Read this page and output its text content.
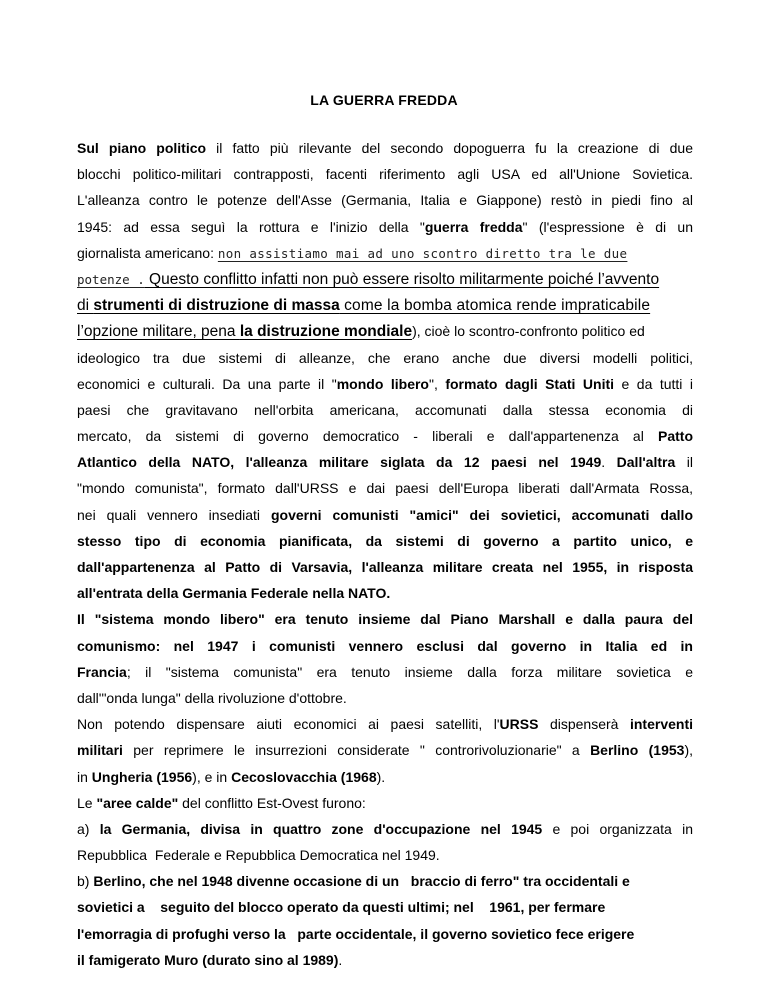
LA GUERRA FREDDA
Sul piano politico il fatto più rilevante del secondo dopoguerra fu la creazione di due
blocchi politico-militari contrapposti, facenti riferimento agli USA ed all'Unione Sovietica.
L'alleanza contro le potenze dell'Asse (Germania, Italia e Giappone) restò in piedi fino al
1945: ad essa seguì la rottura e l'inizio della "guerra fredda" (l'espressione è di un
giornalista americano: non assistiamo mai ad uno scontro diretto tra le due
potenze . Questo conflitto infatti non può essere risolto militarmente poiché l’avvento
di strumenti di distruzione di massa come la bomba atomica rende impraticabile
l’opzione militare, pena la distruzione mondiale), cioè lo scontro-confronto politico ed
ideologico tra due sistemi di alleanze, che erano anche due diversi modelli politici,
economici e culturali. Da una parte il "mondo libero", formato dagli Stati Uniti e da tutti i
paesi che gravitavano nell'orbita americana, accomunati dalla stessa economia di
mercato, da sistemi di governo democratico - liberali e dall'appartenenza al Patto
Atlantico della NATO, l'alleanza militare siglata da 12 paesi nel 1949. Dall'altra il
"mondo comunista", formato dall'URSS e dai paesi dell'Europa liberati dall'Armata Rossa,
nei quali vennero insediati governi comunisti "amici" dei sovietici, accomunati dallo
stesso tipo di economia pianificata, da sistemi di governo a partito unico, e
dall'appartenenza al Patto di Varsavia, l'alleanza militare creata nel 1955, in risposta
all'entrata della Germania Federale nella NATO.
Il "sistema mondo libero" era tenuto insieme dal Piano Marshall e dalla paura del
comunismo: nel 1947 i comunisti vennero esclusi dal governo in Italia ed in
Francia; il "sistema comunista" era tenuto insieme dalla forza militare sovietica e
dall'"onda lunga" della rivoluzione d'ottobre.
Non potendo dispensare aiuti economici ai paesi satelliti, l'URSS dispenserà interventi
militari per reprimere le insurrezioni considerate " controrivoluzionarie" a Berlino (1953),
in Ungheria (1956), e in Cecoslovacchia (1968).
Le "aree calde" del conflitto Est-Ovest furono:
a) la Germania, divisa in quattro zone d'occupazione nel 1945 e poi organizzata in
Repubblica  Federale e Repubblica Democratica nel 1949.
b) Berlino, che nel 1948 divenne occasione di un   braccio di ferro" tra occidentali e
sovietici a    seguito del blocco operato da questi ultimi; nel    1961, per fermare
l'emorragia di profughi verso la   parte occidentale, il governo sovietico fece erigere
il famigerato Muro (durato sino al 1989).
